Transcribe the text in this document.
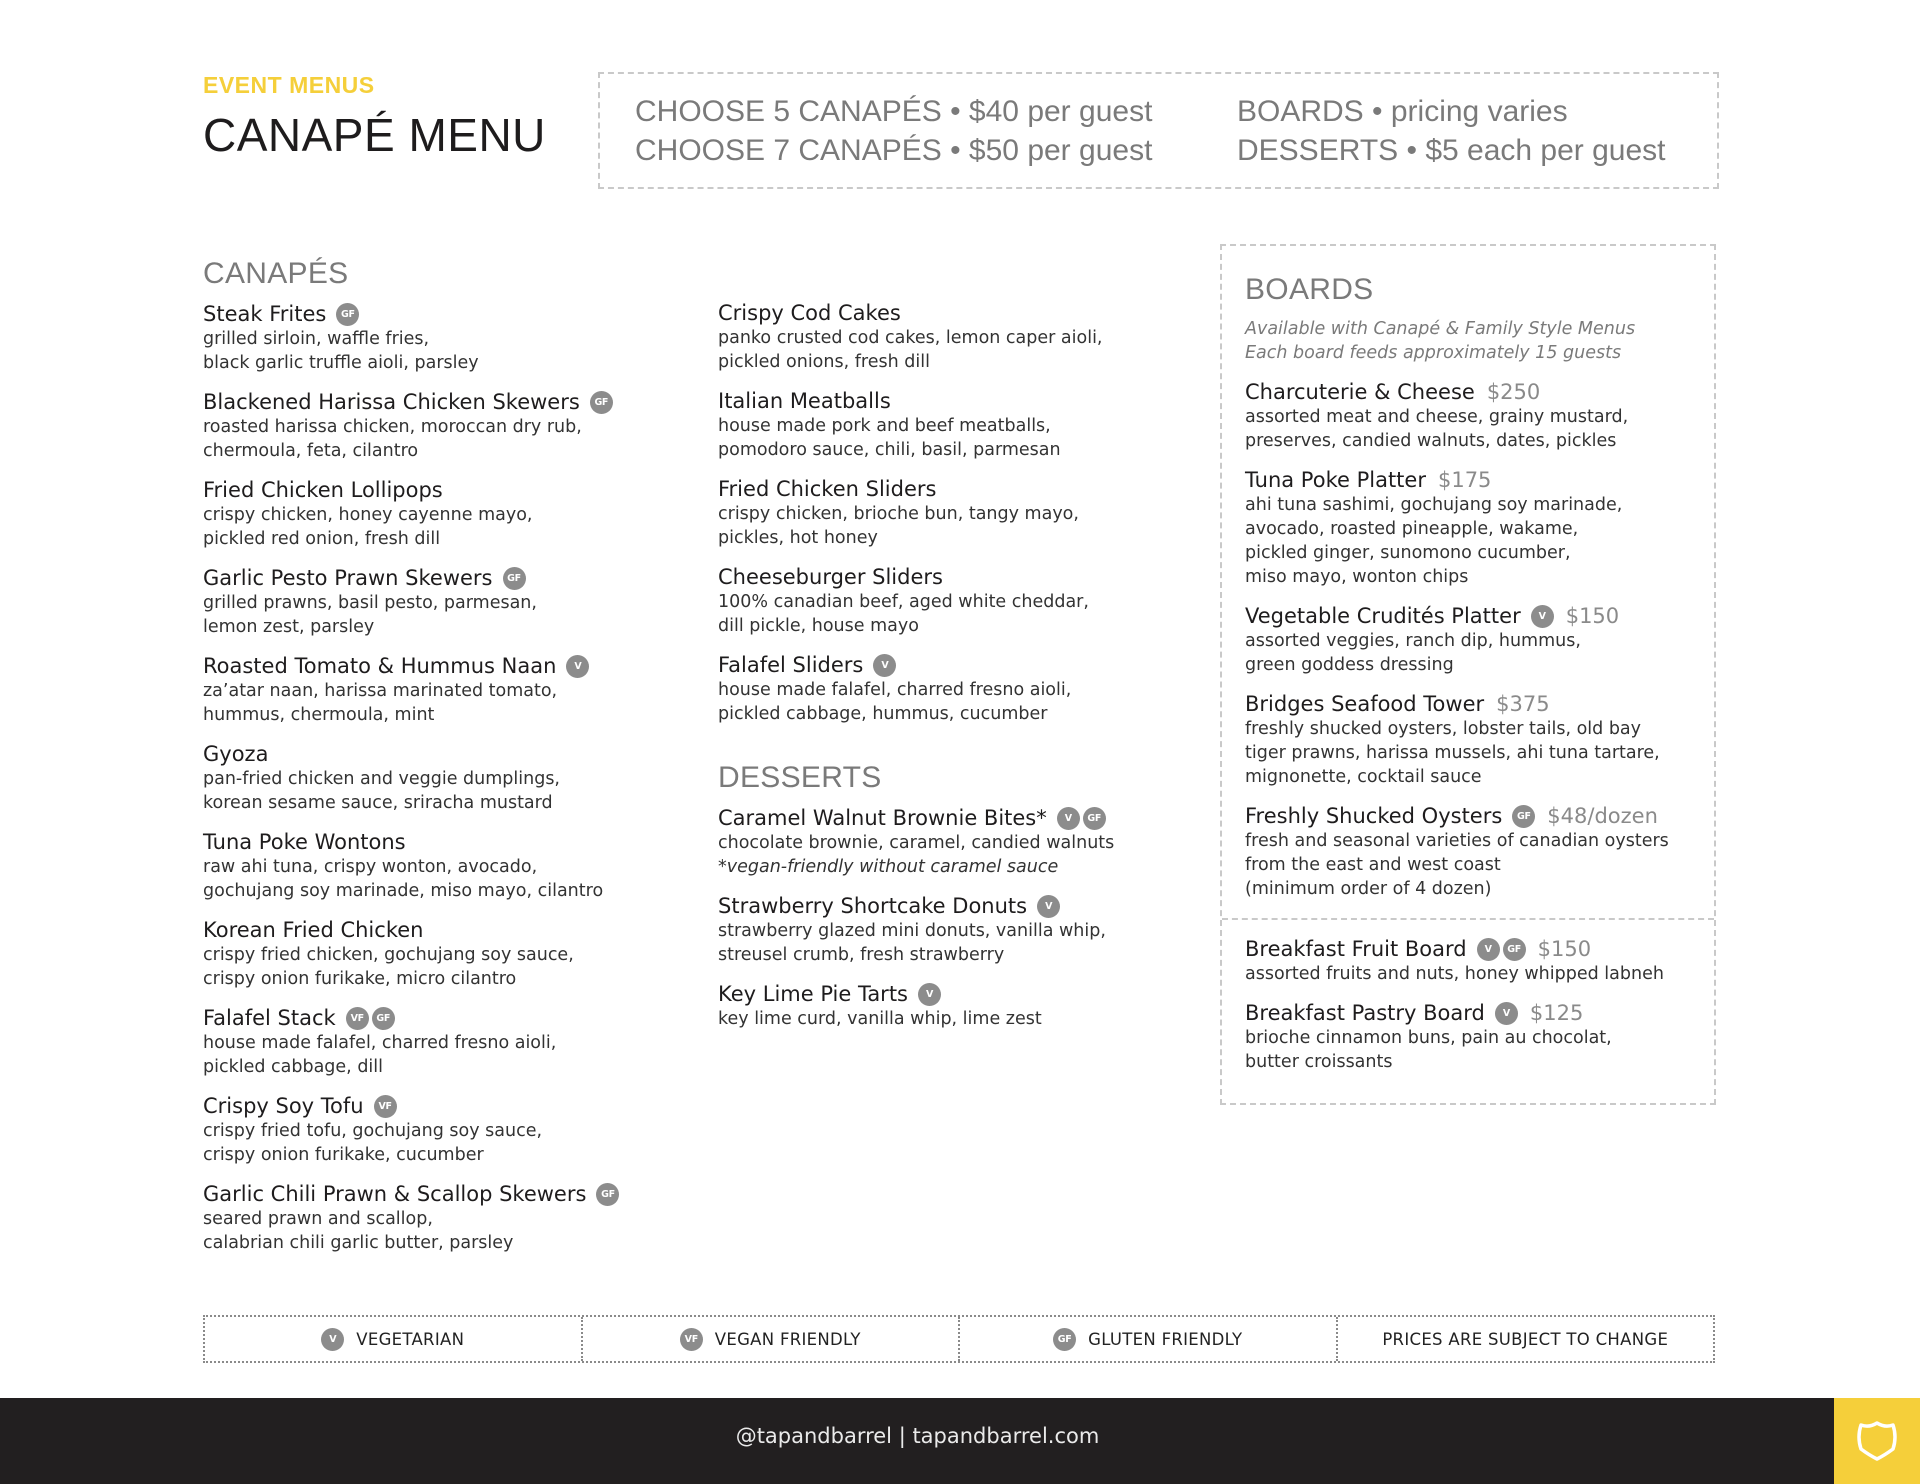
EVENT MENUS
CANAPÉ MENU	CHOOSE 5 CANAPÉS • $40 per guest
CHOOSE 7 CANAPÉS • $50 per guest
BOARDS • pricing varies
DESSERTS • $5 each per guest
CANAPÉS
Steak Frites	GF
grilled sirloin, waffle fries,
black garlic truffle aioli, parsley
Blackened Harissa Chicken Skewers	GF
roasted harissa chicken, moroccan dry rub,
chermoula, feta, cilantro
Fried Chicken Lollipops
crispy chicken, honey cayenne mayo,
pickled red onion, fresh dill
Garlic Pesto Prawn Skewers	GF
grilled prawns, basil pesto, parmesan,
lemon zest, parsley
Roasted Tomato & Hummus Naan	V
za’atar naan, harissa marinated tomato,
hummus, chermoula, mint
Gyoza
pan-fried chicken and veggie dumplings,
korean sesame sauce, sriracha mustard
Tuna Poke Wontons
raw ahi tuna, crispy wonton, avocado,
gochujang soy marinade, miso mayo, cilantro
Korean Fried Chicken
crispy fried chicken, gochujang soy sauce,
crispy onion furikake, micro cilantro
Falafel Stack	VF	GF
house made falafel, charred fresno aioli,
pickled cabbage, dill
Crispy Soy Tofu	VF
crispy fried tofu, gochujang soy sauce,
crispy onion furikake, cucumber
Garlic Chili Prawn & Scallop Skewers	GF
seared prawn and scallop,
calabrian chili garlic butter, parsley
Crispy Cod Cakes
panko crusted cod cakes, lemon caper aioli,
pickled onions, fresh dill
Italian Meatballs
house made pork and beef meatballs,
pomodoro sauce, chili, basil, parmesan
Fried Chicken Sliders
crispy chicken, brioche bun, tangy mayo,
pickles, hot honey
Cheeseburger Sliders
100% canadian beef, aged white cheddar,
dill pickle, house mayo
Falafel Sliders	V
house made falafel, charred fresno aioli,
pickled cabbage, hummus, cucumber
DESSERTS
Caramel Walnut Brownie Bites*	V	GF
chocolate brownie, caramel, candied walnuts
*vegan-friendly without caramel sauce
Strawberry Shortcake Donuts	V
strawberry glazed mini donuts, vanilla whip,
streusel crumb, fresh strawberry
Key Lime Pie Tarts	V
key lime curd, vanilla whip, lime zest
BOARDS
Available with Canapé & Family Style Menus
Each board feeds approximately 15 guests
Charcuterie & Cheese $250
assorted meat and cheese, grainy mustard,
preserves, candied walnuts, dates, pickles
Tuna Poke Platter $175
ahi tuna sashimi, gochujang soy marinade,
avocado, roasted pineapple, wakame,
pickled ginger, sunomono cucumber,
miso mayo, wonton chips
Vegetable Crudités Platter	V $150
assorted veggies, ranch dip, hummus,
green goddess dressing
Bridges Seafood Tower $375
freshly shucked oysters, lobster tails, old bay
tiger prawns, harissa mussels, ahi tuna tartare,
mignonette, cocktail sauce
Freshly Shucked Oysters	GF $48/dozen
fresh and seasonal varieties of canadian oysters
from the east and west coast
(minimum order of 4 dozen)
Breakfast Fruit Board	V	GF $150
assorted fruits and nuts, honey whipped labneh
Breakfast Pastry Board	V $125
brioche cinnamon buns, pain au chocolat,
butter croissants
V	VEGETARIAN	VF VEGAN FRIENDLY	GF GLUTEN FRIENDLY	PRICES ARE SUBJECT TO CHANGE
@tapandbarrel | tapandbarrel.com
